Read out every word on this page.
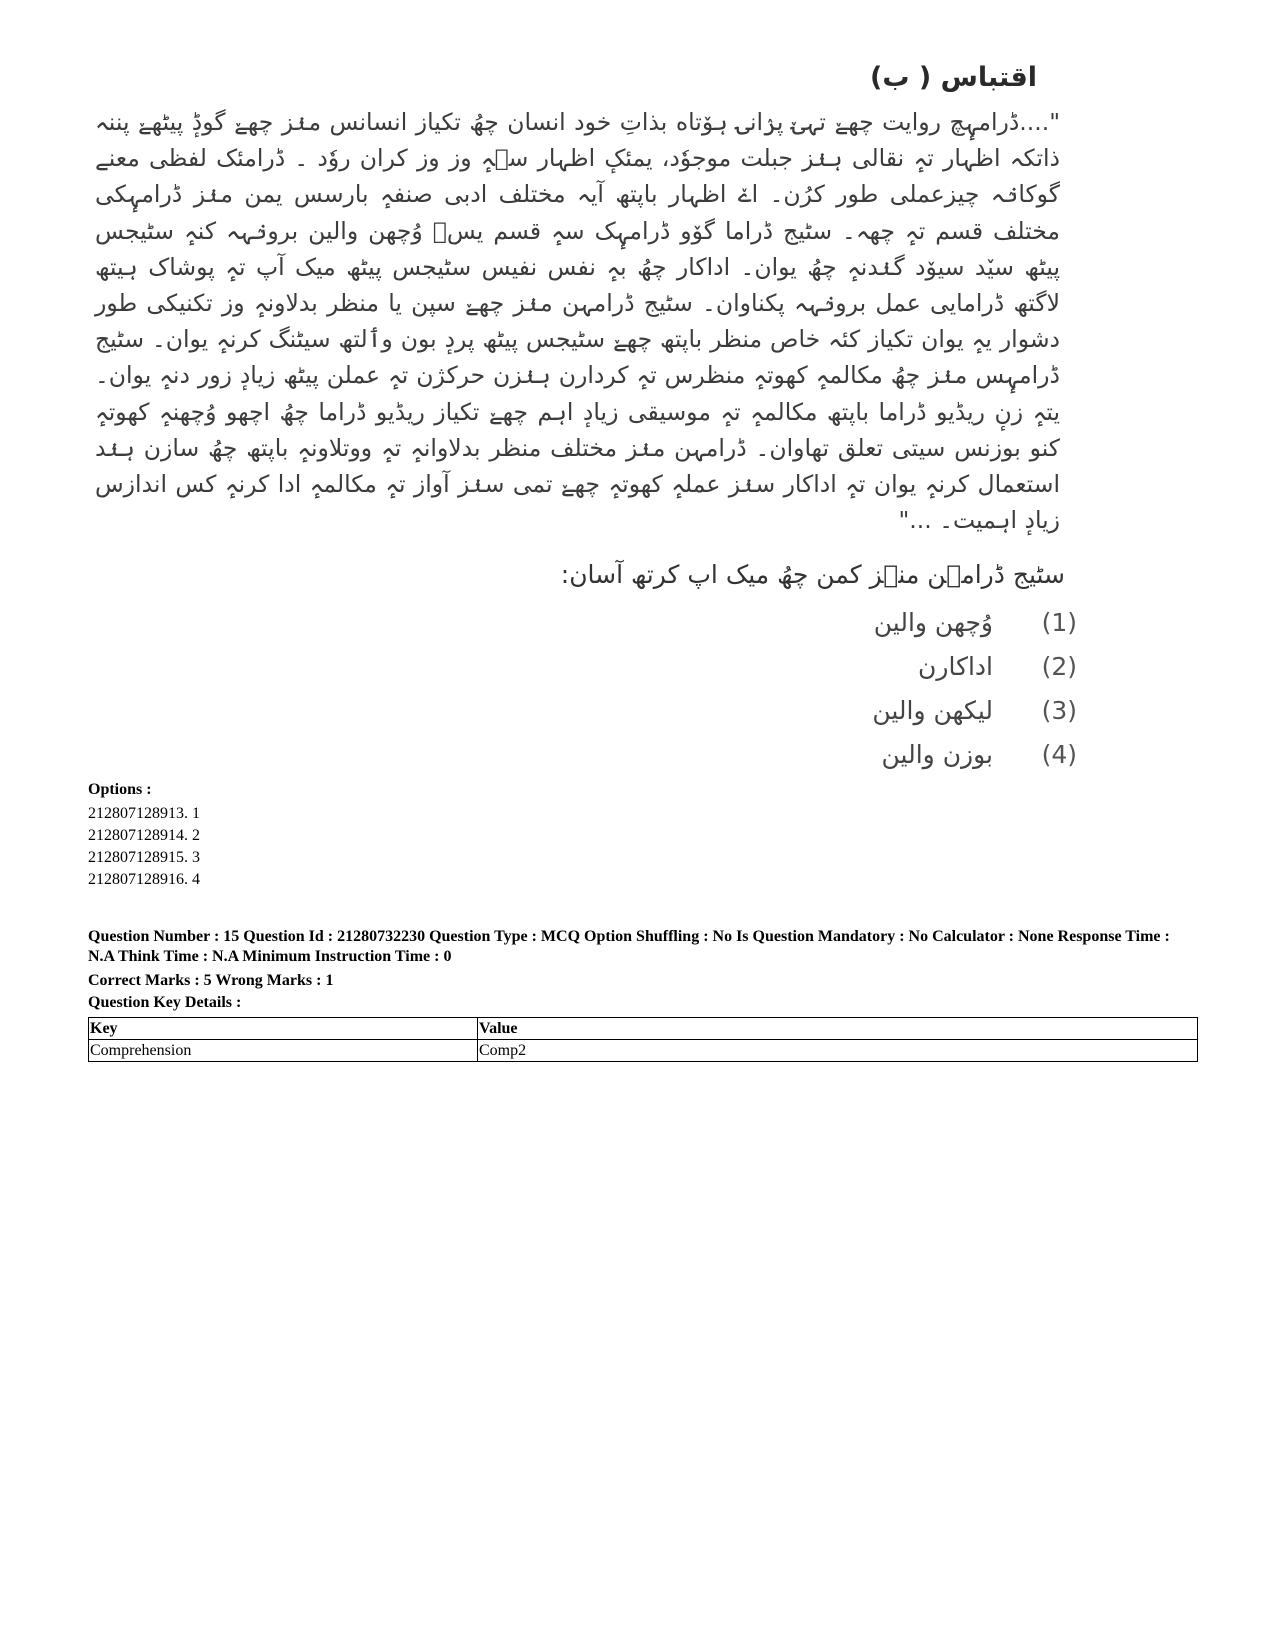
اقتباس ( ب)

"....ڈرامہٕچ روایت چھےٚ تہۍٚ پرٛانۍ ہوٚتاه بذاتِ خود انسان چھُ تکیاز انسانس منٛز چھےٚ گوڈٕ پیٹھےٚ پننہ ذاتکہ اظہار تہٕ نقالی ہنٛز جبلت موجوٗد، یمئکٕ اظہار سۭہٕ وز وز کران روٗد ۔ ڈرامئک لفظی معنے گوکانٛہ چیزعملی طور کرُن۔ اےٚ اظہار باپتھ آیہ مختلف ادبی صنفہٕ بارسس یمن منٛز ڈرامہٕکی مختلف قسم تہٕ چھہ۔ سٹیج ڈراما گوٚو ڈرامہٕک سہٕ قسم یسۭ وُچھن والین برونٛہہ کنہٕ سٹیجس پیٹھ سیٚد سیوٚد گنٛدنہٕ چھُ یوان۔ اداکار چھُ بہٕ نفس نفیس سٹیجس پیٹھ میک آپ تہٕ پوشاک ہیتھ لاگتھ ڈرامایی عمل برونٛہہ پکناوان۔ سٹیج ڈرامہن منٛز چھےٚ سپن یا منظر بدلاونہٕ وز تکنیکی طور دشوار یہٕ یوان تکیاز کئہ خاص منظر باپتھ چھےٚ سٹیجس پیٹھ پردٕ بون وٲلتھ سیٹنگ کرنہٕ یوان۔ سٹیج ڈرامہٕس منٛز چھُ مکالمہٕ کھوتہٕ منظرس تہٕ کردارن ہنٛزن حرکژن تہٕ عملن پیٹھ زیادٕ زور دنہٕ یوان۔ یتہٕ زنٕ ریڈیو ڈراما باپتھ مکالمہٕ تہٕ موسیقی زیادٕ اہم چھےٚ تکیاز ریڈیو ڈراما چھُ اچھو وُچھنہٕ کھوتہٕ کنو بوزنس سیتی تعلق تھاوان۔ ڈرامہن منٛز مختلف منظر بدلاوانہٕ تہٕ ووتلاونہٕ باپتھ چھُ سازن ہنٛد استعمال کرنہٕ یوان تہٕ اداکار سنٛز عملہٕ کھوتہٕ چھےٚ تمی سنٛز آواز تہٕ مکالمہٕ ادا کرنہٕ کس اندازس زیادٕ اہمیت۔ ..."

سٹیج ڈرامہن منٛز کمن چھُ میک اپ کرتھ آسان:
(1)
وُچھن والین
(2)
اداکارن
(3)
لیکھن والین
(4)
بوزن والین
Options :
212807128913. 1
212807128914. 2
212807128915. 3
212807128916. 4
Question Number : 15 Question Id : 21280732230 Question Type : MCQ Option Shuffling : No Is Question Mandatory : No Calculator : None Response Time : N.A Think Time : N.A Minimum Instruction Time : 0
Correct Marks : 5 Wrong Marks : 1
Question Key Details :
Key	Value
Comprehension	Comp2
